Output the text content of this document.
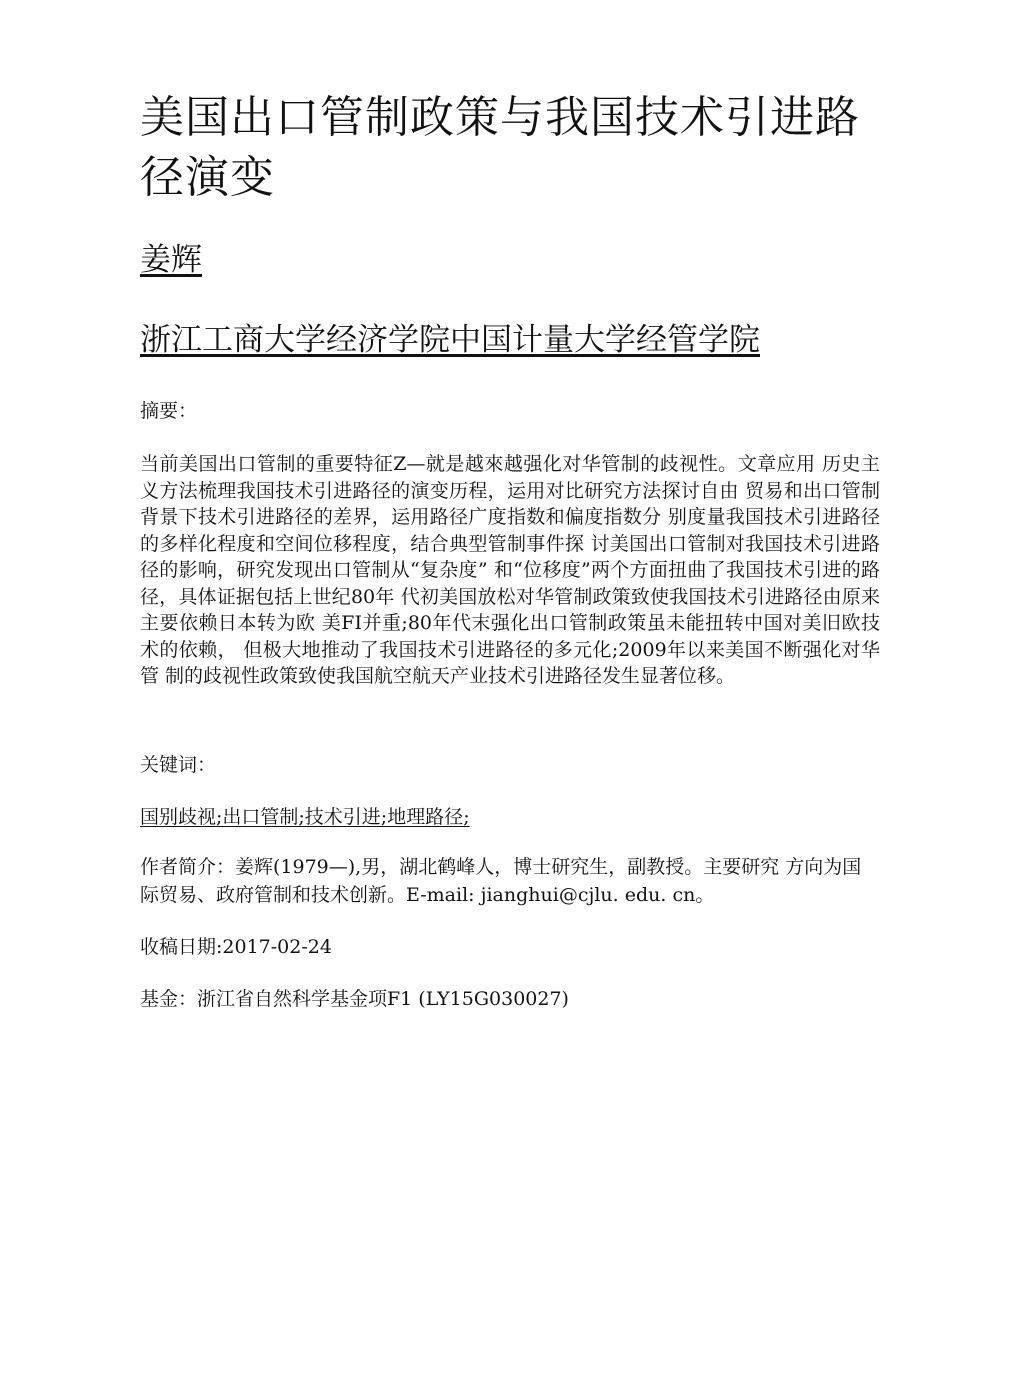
美国出口管制政策与我国技术引进路径演变
姜辉
浙江工商大学经济学院中国计量大学经管学院
摘要：

当前美国出口管制的重要特征Z—就是越來越强化对华管制的歧视性。文章应用 历史主义方法梳理我国技术引进路径的演变历程，运用对比研究方法探讨自由 贸易和出口管制背景下技术引进路径的差界，运用路径广度指数和偏度指数分 别度量我国技术引进路径的多样化程度和空间位移程度，结合典型管制事件探 讨美国出口管制对我国技术引进路径的影响，研究发现出口管制从“复杂度” 和“位移度”两个方面扭曲了我国技术引进的路径，具体证据包括上世纪80年 代初美国放松对华管制政策致使我国技术引进路径由原来主要依赖日本转为欧 美FI并重;80年代末强化出口管制政策虽未能扭转中国对美旧欧技术的依赖， 但极大地推动了我国技术引进路径的多元化;2009年以来美国不断强化对华管 制的歧视性政策致使我国航空航天产业技术引进路径发生显著位移。

关键词：
国别歧视;出口管制;技术引进;地理路径;

作者简介：姜辉(1979—),男，湖北鹤峰人，博士研究生，副教授。主要研究 方向为国际贸易、政府管制和技术创新。E-mail: jianghui@cjlu. edu. cn。

收稿日期:2017-02-24
基金：浙江省自然科学基金项F1 (LY15G030027)
